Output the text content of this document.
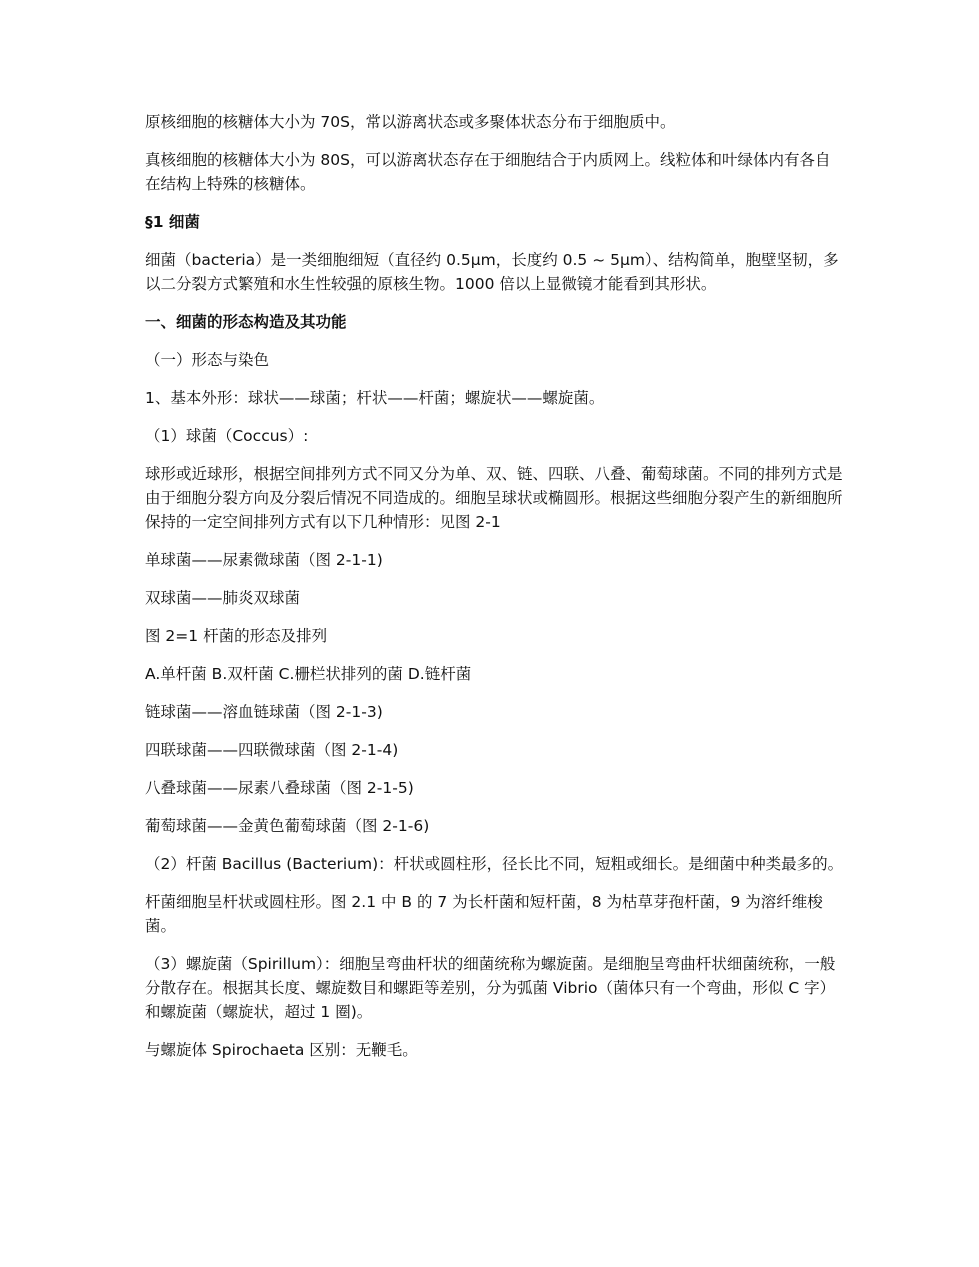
原核细胞的核糖体大小为 70S，常以游离状态或多聚体状态分布于细胞质中。

真核细胞的核糖体大小为 80S，可以游离状态存在于细胞结合于内质网上。线粒体和叶绿体内有各自在结构上特殊的核糖体。

§1 细菌

细菌（bacteria）是一类细胞细短（直径约 0.5μm，长度约 0.5 ~ 5μm）、结构简单，胞壁坚韧，多以二分裂方式繁殖和水生性较强的原核生物。1000 倍以上显微镜才能看到其形状。

一、细菌的形态构造及其功能

（一）形态与染色

1、基本外形：球状——球菌；杆状——杆菌；螺旋状——螺旋菌。

（1）球菌（Coccus）:

球形或近球形，根据空间排列方式不同又分为单、双、链、四联、八叠、葡萄球菌。不同的排列方式是由于细胞分裂方向及分裂后情况不同造成的。细胞呈球状或椭圆形。根据这些细胞分裂产生的新细胞所保持的一定空间排列方式有以下几种情形：见图 2-1

单球菌——尿素微球菌（图 2-1-1)

双球菌——肺炎双球菌

图 2=1 杆菌的形态及排列

A.单杆菌 B.双杆菌 C.栅栏状排列的菌 D.链杆菌

链球菌——溶血链球菌（图 2-1-3)

四联球菌——四联微球菌（图 2-1-4)

八叠球菌——尿素八叠球菌（图 2-1-5)

葡萄球菌——金黄色葡萄球菌（图 2-1-6)

（2）杆菌 Bacillus (Bacterium)：杆状或圆柱形，径长比不同，短粗或细长。是细菌中种类最多的。

杆菌细胞呈杆状或圆柱形。图 2.1 中 B 的 7 为长杆菌和短杆菌，8 为枯草芽孢杆菌，9 为溶纤维梭菌。

（3）螺旋菌（Spirillum）：细胞呈弯曲杆状的细菌统称为螺旋菌。是细胞呈弯曲杆状细菌统称，一般分散存在。根据其长度、螺旋数目和螺距等差别，分为弧菌 Vibrio（菌体只有一个弯曲，形似 C 字）和螺旋菌（螺旋状，超过 1 圈)。

与螺旋体 Spirochaeta 区别：无鞭毛。
